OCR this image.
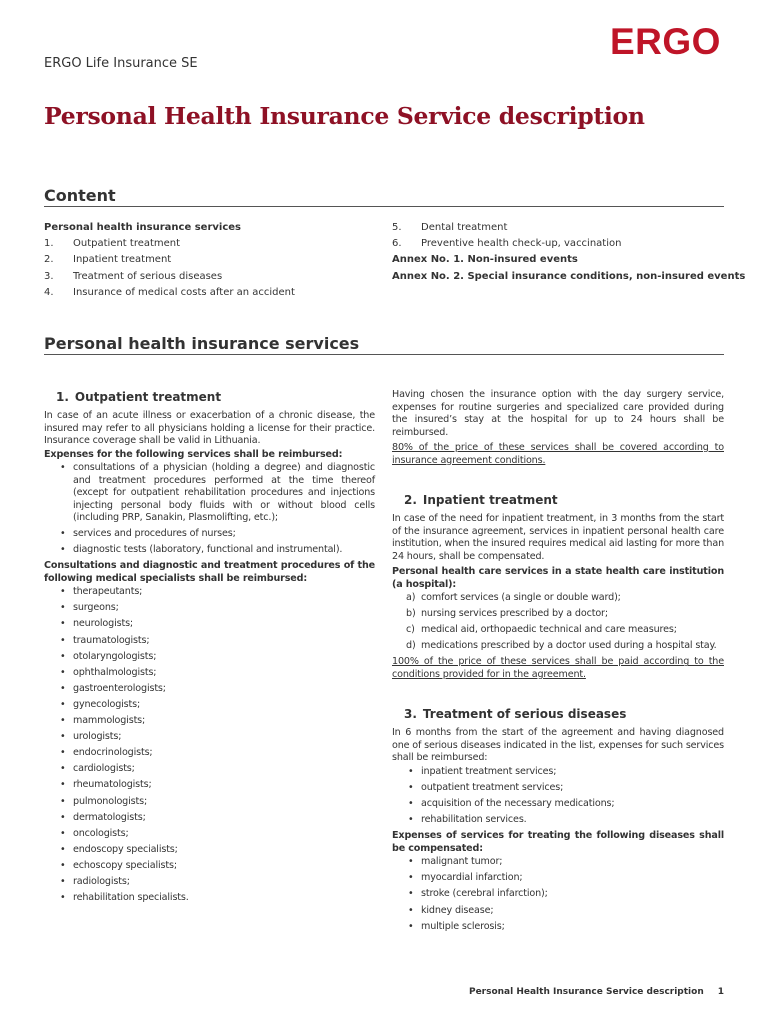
ERGO
ERGO Life Insurance SE
Personal Health Insurance Service description
Content
Personal health insurance services
1.	Outpatient treatment
2.	Inpatient treatment
3.	Treatment of serious diseases
4.	Insurance of medical costs after an accident
5.	Dental treatment
6.	Preventive health check-up, vaccination
Annex No. 1. Non-insured events
Annex No. 2. Special insurance conditions, non-insured events
Personal health insurance services
1. Outpatient treatment

In case of an acute illness or exacerbation of a chronic disease, the insured may refer to all physicians holding a license for their practice. Insurance coverage shall be valid in Lithuania.

Expenses for the following services shall be reimbursed:

• consultations of a physician (holding a degree) and diagnostic and treatment procedures performed at the time thereof (except for outpatient rehabilitation procedures and injections injecting personal body fluids with or without blood cells (including PRP, Sanakin, Plasmolifting, etc.);
• services and procedures of nurses;
• diagnostic tests (laboratory, functional and instrumental).

Consultations and diagnostic and treatment procedures of the following medical specialists shall be reimbursed:

• therapeutants;
• surgeons;
• neurologists;
• traumatologists;
• otolaryngologists;
• ophthalmologists;
• gastroenterologists;
• gynecologists;
• mammologists;
• urologists;
• endocrinologists;
• cardiologists;
• rheumatologists;
• pulmonologists;
• dermatologists;
• oncologists;
• endoscopy specialists;
• echoscopy specialists;
• radiologists;
• rehabilitation specialists.

Having chosen the insurance option with the day surgery service, expenses for routine surgeries and specialized care provided during the insured’s stay at the hospital for up to 24 hours shall be reimbursed.

80% of the price of these services shall be covered according to insurance agreement conditions.

2. Inpatient treatment

In case of the need for inpatient treatment, in 3 months from the start of the insurance agreement, services in inpatient personal health care institution, when the insured requires medical aid lasting for more than 24 hours, shall be compensated.

Personal health care services in a state health care institution (a hospital):

a) comfort services (a single or double ward);
b) nursing services prescribed by a doctor;
c) medical aid, orthopaedic technical and care measures;
d) medications prescribed by a doctor used during a hospital stay.

100% of the price of these services shall be paid according to the conditions provided for in the agreement.

3. Treatment of serious diseases

In 6 months from the start of the agreement and having diagnosed one of serious diseases indicated in the list, expenses for such services shall be reimbursed:

• inpatient treatment services;
• outpatient treatment services;
• acquisition of the necessary medications;
• rehabilitation services.

Expenses of services for treating the following diseases shall be compensated:

• malignant tumor;
• myocardial infarction;
• stroke (cerebral infarction);
• kidney disease;
• multiple sclerosis;
Personal Health Insurance Service description 1
